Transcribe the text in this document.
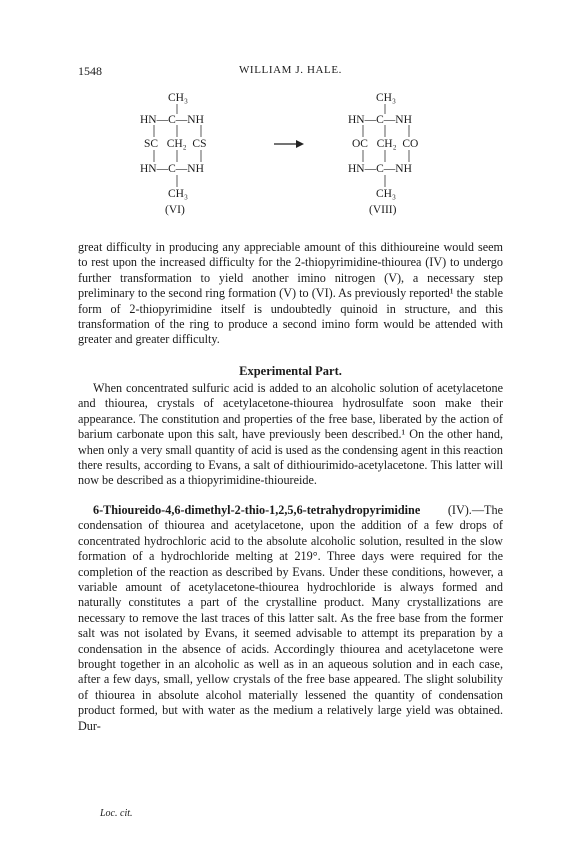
1548	WILLIAM J. HALE.
CH₃
HN—C—NH
SC   CH₂  CS
HN—C—NH
CH₃
(VI)
CH₃
HN—C—NH
OC   CH₂  CO
HN—C—NH
CH₃
(VIII)

great difficulty in producing any appreciable amount of this dithioureine would seem to rest upon the increased difficulty for the 2-thiopyrimidine-thiourea (IV) to undergo further transformation to yield another imino nitrogen (V), a necessary step preliminary to the second ring formation (V) to (VI). As previously reported¹ the stable form of 2-thiopyrimidine itself is undoubtedly quinoid in structure, and this transformation of the ring to produce a second imino form would be attended with greater and greater difficulty.

Experimental Part.

When concentrated sulfuric acid is added to an alcoholic solution of acetylacetone and thiourea, crystals of acetylacetone-thiourea hydrosulfate soon make their appearance. The constitution and properties of the free base, liberated by the action of barium carbonate upon this salt, have previously been described.¹ On the other hand, when only a very small quantity of acid is used as the condensing agent in this reaction there results, according to Evans, a salt of dithiourimido-acetylacetone. This latter will now be described as a thiopyrimidine-thioureide.

6-Thioureido-4,6-dimethyl-2-thio-1,2,5,6-tetrahydropyrimidine (IV).—The condensation of thiourea and acetylacetone, upon the addition of a few drops of concentrated hydrochloric acid to the absolute alcoholic solution, resulted in the slow formation of a hydrochloride melting at 219°. Three days were required for the completion of the reaction as described by Evans. Under these conditions, however, a variable amount of acetylacetone-thiourea hydrochloride is always formed and naturally constitutes a part of the crystalline product. Many crystallizations are necessary to remove the last traces of this latter salt. As the free base from the former salt was not isolated by Evans, it seemed advisable to attempt its preparation by a condensation in the absence of acids. Accordingly thiourea and acetylacetone were brought together in an alcoholic as well as in an aqueous solution and in each case, after a few days, small, yellow crystals of the free base appeared. The slight solubility of thiourea in absolute alcohol materially lessened the quantity of condensation product formed, but with water as the medium a relatively large yield was obtained. Dur-

Loc. cit.
